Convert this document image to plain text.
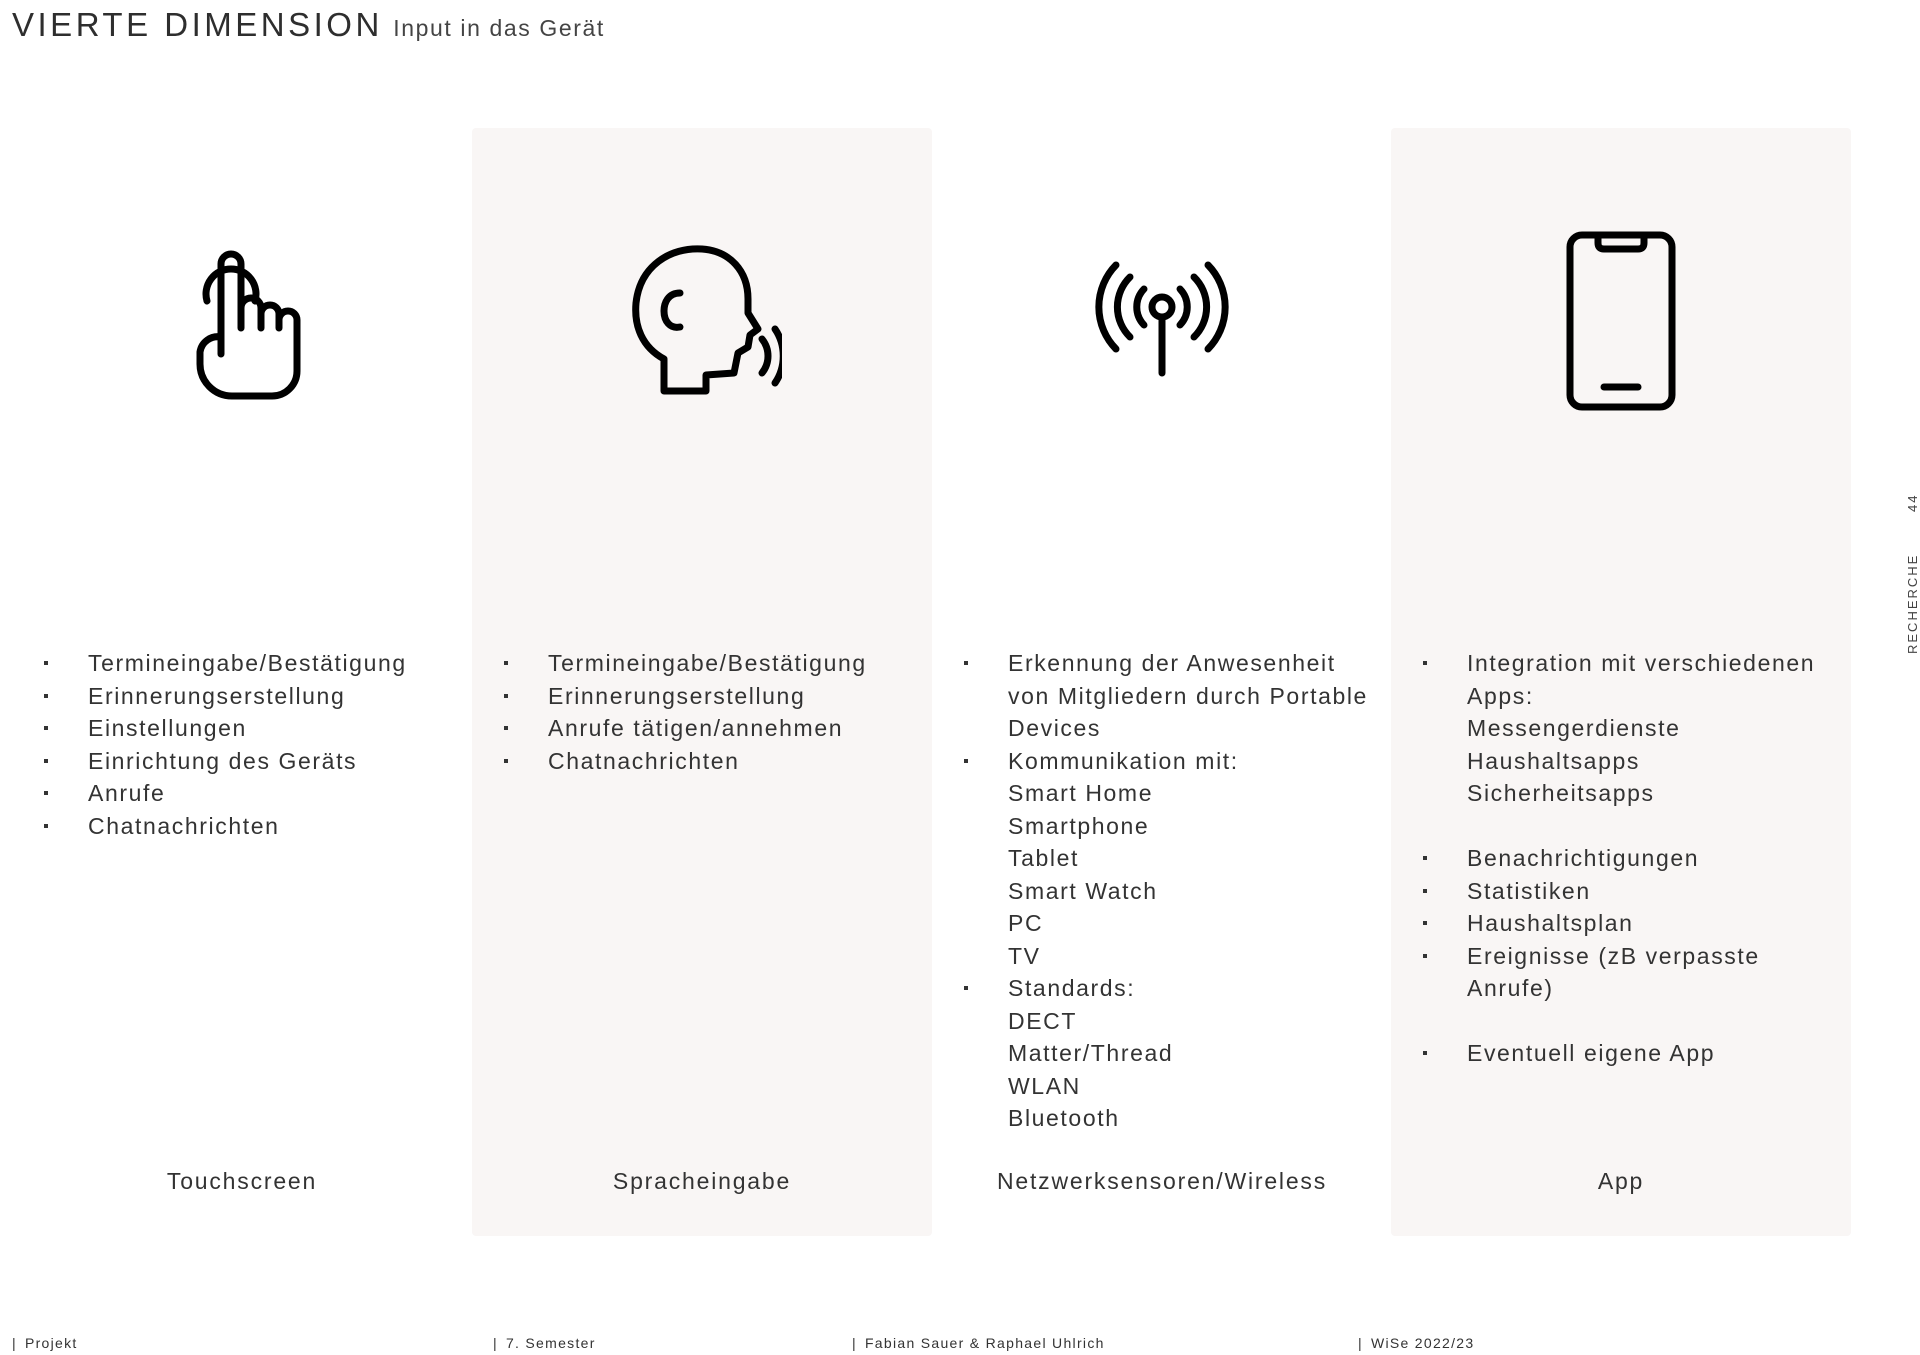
VIERTE DIMENSION Input in das Gerät
Termineingabe/Bestätigung
Erinnerungserstellung
Einstellungen
Einrichtung des Geräts
Anrufe
Chatnachrichten
Touchscreen
Termineingabe/Bestätigung
Erinnerungserstellung
Anrufe tätigen/annehmen
Chatnachrichten
Spracheingabe
Erkennung der Anwesenheit
von Mitgliedern durch Portable
Devices
Kommunikation mit:
Smart Home
Smartphone
Tablet
Smart Watch
PC
TV
Standards:
DECT
Matter/Thread
WLAN
Bluetooth
Netzwerksensoren/Wireless
Integration mit verschiedenen
Apps:
Messengerdienste
Haushaltsapps
Sicherheitsapps
Benachrichtigungen
Statistiken
Haushaltsplan
Ereignisse (zB verpasste
Anrufe)
Eventuell eigene App
App
44
RECHERCHE
| Projekt	| 7. Semester	| Fabian Sauer & Raphael Uhlrich	| WiSe 2022/23
